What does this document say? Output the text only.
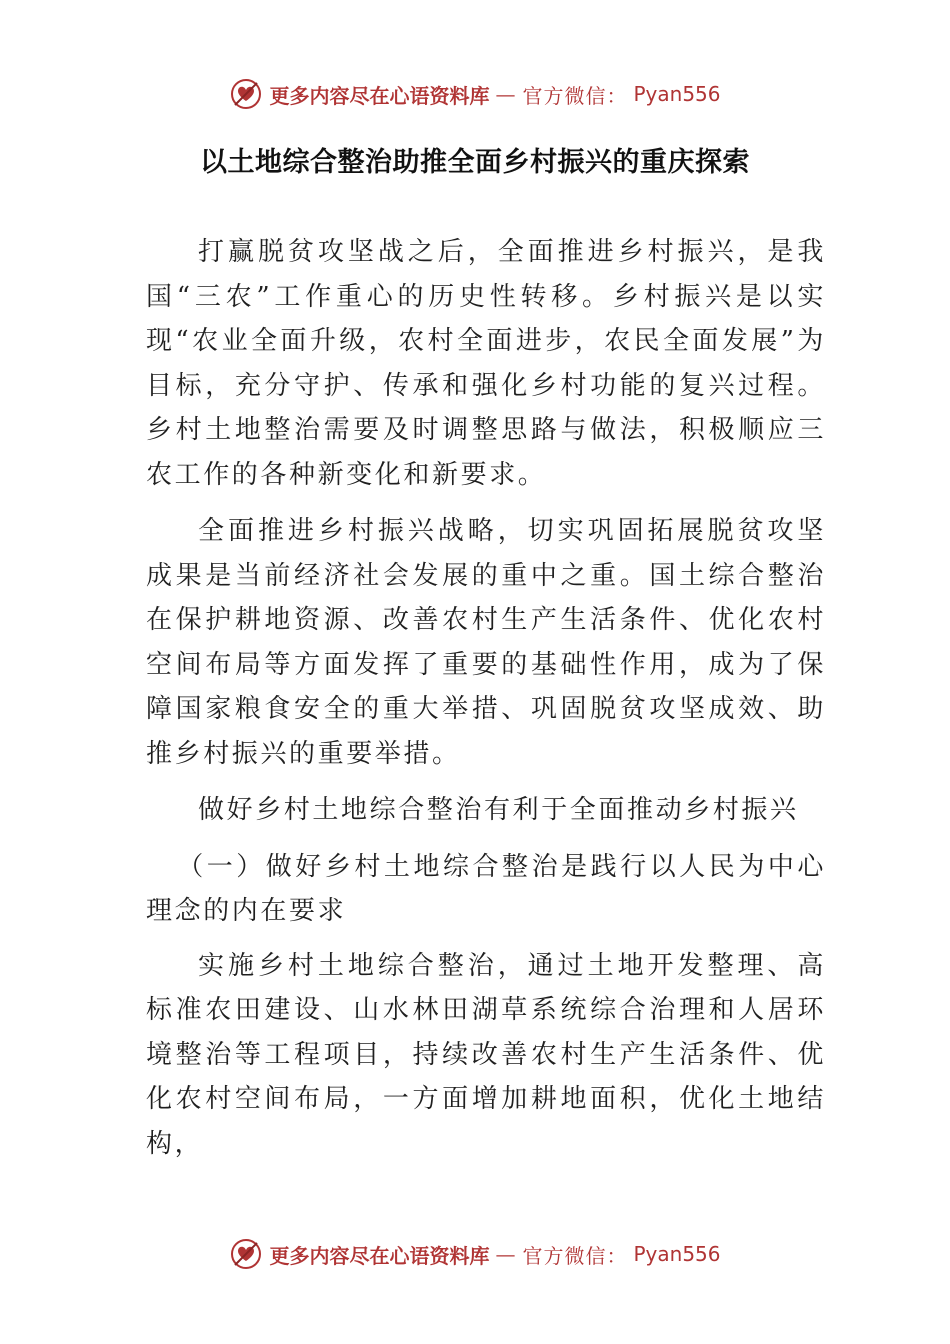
更多内容尽在心语资料库 — 官方微信： Pyan556
以土地综合整治助推全面乡村振兴的重庆探索

打赢脱贫攻坚战之后，全面推进乡村振兴，是我国“三农”工作重心的历史性转移。乡村振兴是以实现“农业全面升级，农村全面进步，农民全面发展”为目标，充分守护、传承和强化乡村功能的复兴过程。乡村土地整治需要及时调整思路与做法，积极顺应三农工作的各种新变化和新要求。

全面推进乡村振兴战略，切实巩固拓展脱贫攻坚成果是当前经济社会发展的重中之重。国土综合整治在保护耕地资源、改善农村生产生活条件、优化农村空间布局等方面发挥了重要的基础性作用，成为了保障国家粮食安全的重大举措、巩固脱贫攻坚成效、助推乡村振兴的重要举措。

做好乡村土地综合整治有利于全面推动乡村振兴

（一）做好乡村土地综合整治是践行以人民为中心理念的内在要求

实施乡村土地综合整治，通过土地开发整理、高标准农田建设、山水林田湖草系统综合治理和人居环境整治等工程项目，持续改善农村生产生活条件、优化农村空间布局，一方面增加耕地面积，优化土地结构，

更多内容尽在心语资料库 — 官方微信： Pyan556
